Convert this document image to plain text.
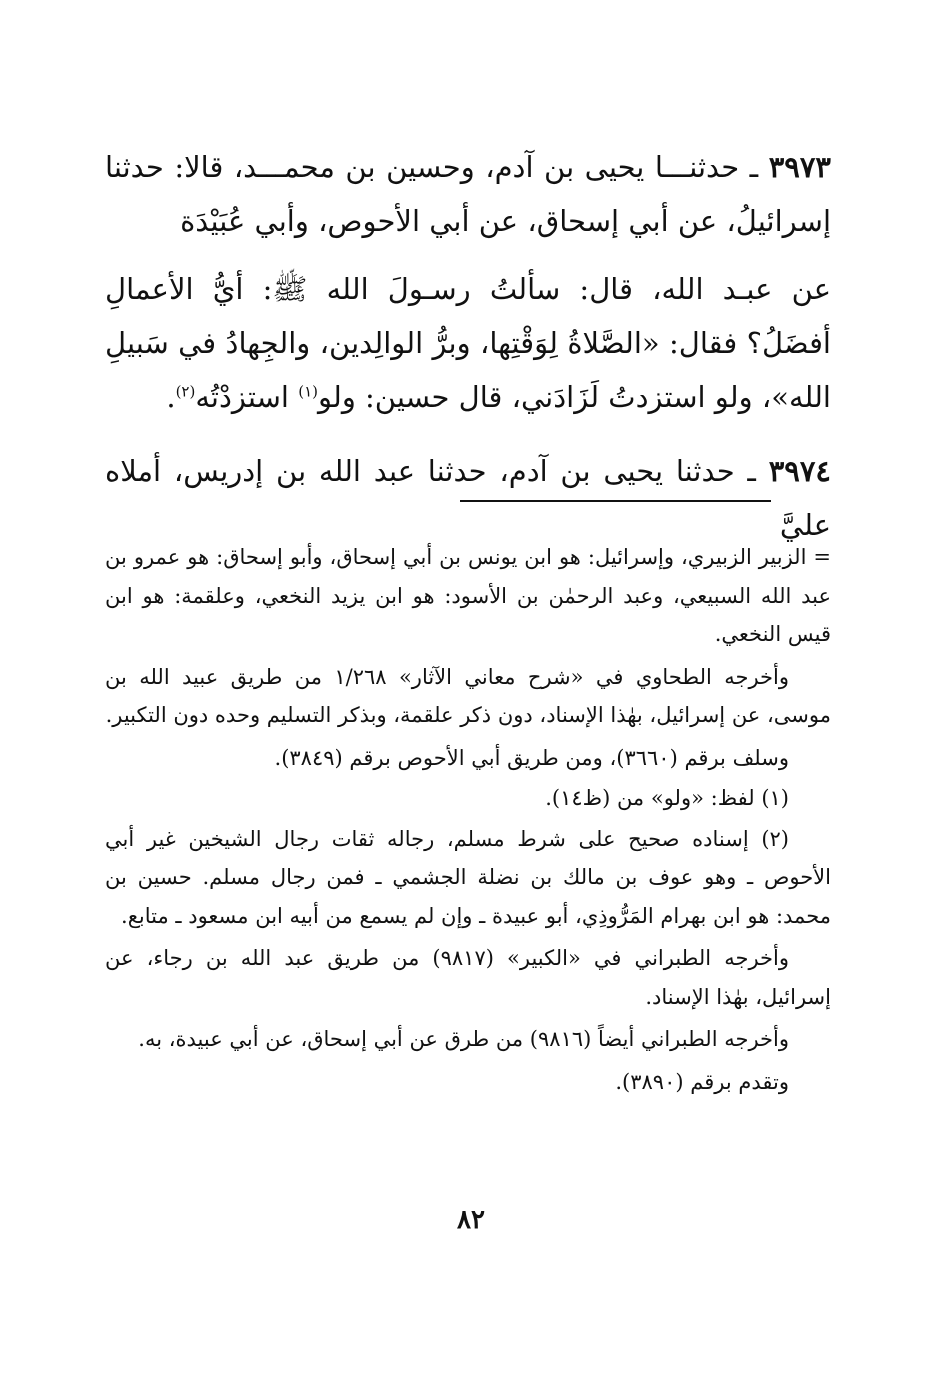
٣٩٧٣ ـ حدثنـــا يحيى بن آدم، وحسين بن محمـــد، قالا: حدثنا إسرائيلُ، عن أبي إسحاق، عن أبي الأحوص، وأبي عُبَيْدَة

عن عبـد الله، قال: سألتُ رسـولَ الله ﷺ: أيُّ الأعمالِ أفضَلُ؟ فقال: «الصَّلاةُ لِوَقْتِها، وبرُّ الوالِدين، والجِهادُ في سَبيلِ الله»، ولو استزدتُ لَزَادَني، قال حسين: ولو$^{(١)}$ استزدْتُه$^{(٢)}$.

٣٩٧٤ ـ حدثنا يحيى بن آدم، حدثنا عبد الله بن إدريس، أملاه عليَّ

= الزبير الزبيري، وإسرائيل: هو ابن يونس بن أبي إسحاق، وأبو إسحاق: هو عمرو بن عبد الله السبيعي، وعبد الرحمٰن بن الأسود: هو ابن يزيد النخعي، وعلقمة: هو ابن قيس النخعي.

وأخرجه الطحاوي في «شرح معاني الآثار» ١/٢٦٨ من طريق عبيد الله بن موسى، عن إسرائيل، بهٰذا الإسناد، دون ذكر علقمة، وبذكر التسليم وحده دون التكبير.

وسلف برقم (٣٦٦٠)، ومن طريق أبي الأحوص برقم (٣٨٤٩).

(١) لفظ: «ولو» من (ظ١٤).

(٢) إسناده صحيح على شرط مسلم، رجاله ثقات رجال الشيخين غير أبي الأحوص ـ وهو عوف بن مالك بن نضلة الجشمي ـ فمن رجال مسلم. حسين بن محمد: هو ابن بهرام المَرُّوذِي، أبو عبيدة ـ وإن لم يسمع من أبيه ابن مسعود ـ متابع.

وأخرجه الطبراني في «الكبير» (٩٨١٧) من طريق عبد الله بن رجاء، عن إسرائيل، بهٰذا الإسناد.

وأخرجه الطبراني أيضاً (٩٨١٦) من طرق عن أبي إسحاق، عن أبي عبيدة، به.

وتقدم برقم (٣٨٩٠).

٨٢
